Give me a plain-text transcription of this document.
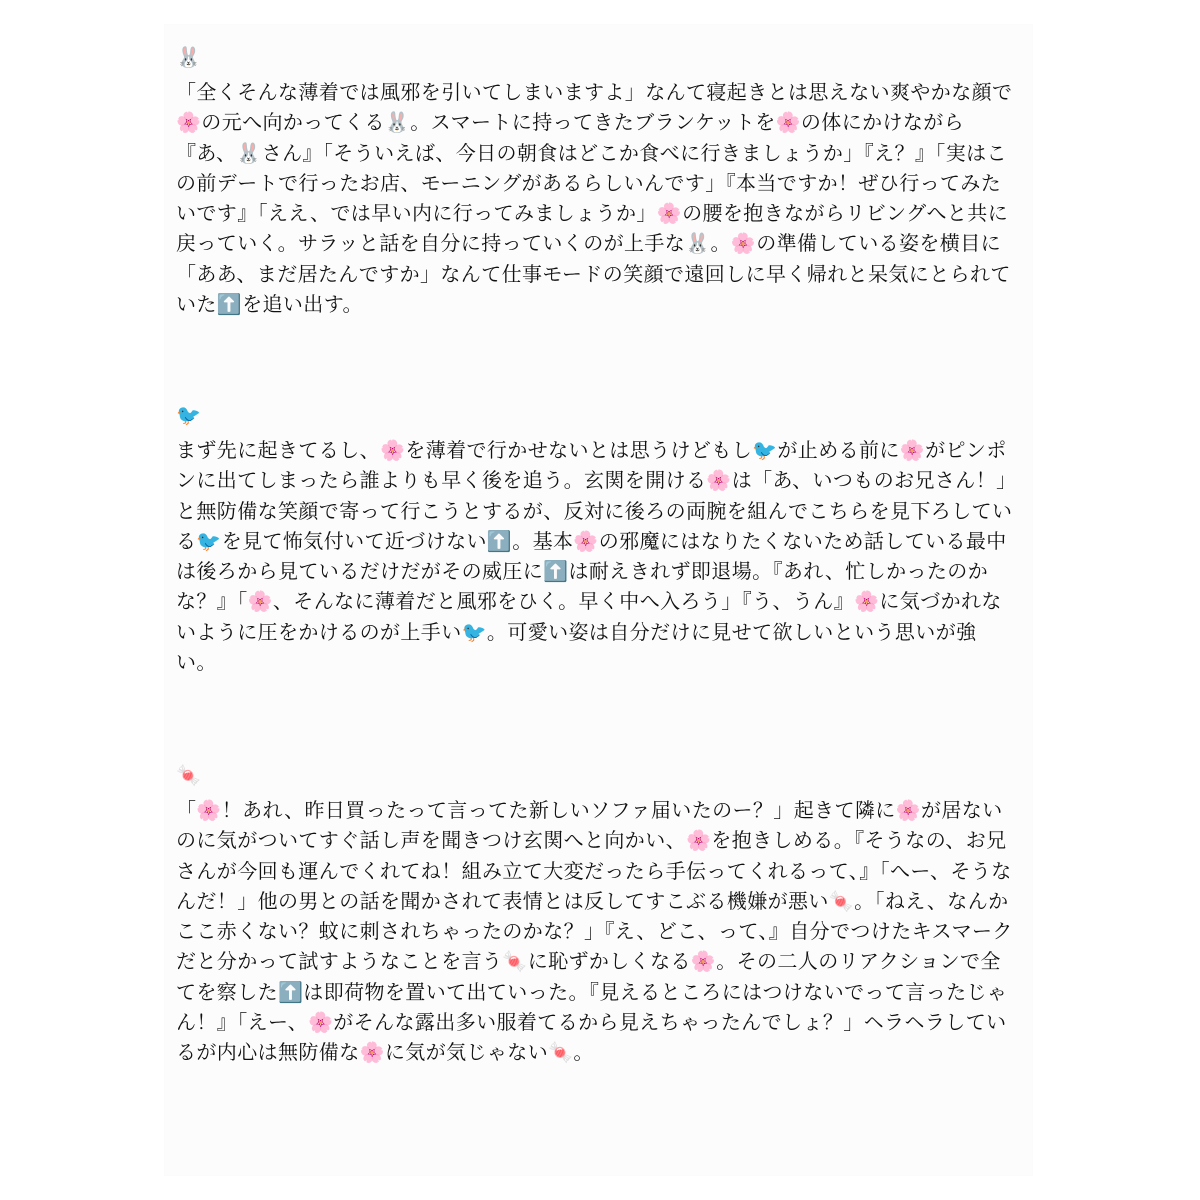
🐰

「全くそんな薄着では風邪を引いてしまいますよ」なんて寝起きとは思えない爽やかな顔で🌸の元へ向かってくる🐰。スマートに持ってきたブランケットを🌸の体にかけながら『あ、🐰さん』「そういえば、今日の朝食はどこか食べに行きましょうか」『え？』「実はこの前デートで行ったお店、モーニングがあるらしいんです」『本当ですか！ぜひ行ってみたいです』「ええ、では早い内に行ってみましょうか」🌸の腰を抱きながらリビングへと共に戻っていく。サラッと話を自分に持っていくのが上手な🐰。🌸の準備している姿を横目に「ああ、まだ居たんですか」なんて仕事モードの笑顔で遠回しに早く帰れと呆気にとられていた⬆️を追い出す。

🐦

まず先に起きてるし、🌸を薄着で行かせないとは思うけどもし🐦が止める前に🌸がピンポンに出てしまったら誰よりも早く後を追う。玄関を開ける🌸は「あ、いつものお兄さん！」と無防備な笑顔で寄って行こうとするが、反対に後ろの両腕を組んでこちらを見下ろしている🐦を見て怖気付いて近づけない⬆️。基本🌸の邪魔にはなりたくないため話している最中は後ろから見ているだけだがその威圧に⬆️は耐えきれず即退場。『あれ、忙しかったのかな？』「🌸、そんなに薄着だと風邪をひく。早く中へ入ろう」『う、うん』🌸に気づかれないように圧をかけるのが上手い🐦。可愛い姿は自分だけに見せて欲しいという思いが強い。

🍬

「🌸！あれ、昨日買ったって言ってた新しいソファ届いたのー？」起きて隣に🌸が居ないのに気がついてすぐ話し声を聞きつけ玄関へと向かい、🌸を抱きしめる。『そうなの、お兄さんが今回も運んでくれてね！組み立て大変だったら手伝ってくれるって、』「へー、そうなんだ！」他の男との話を聞かされて表情とは反してすこぶる機嫌が悪い🍬。「ねえ、なんかここ赤くない？蚊に刺されちゃったのかな？」『え、どこ、って、』自分でつけたキスマークだと分かって試すようなことを言う🍬に恥ずかしくなる🌸。その二人のリアクションで全てを察した⬆️は即荷物を置いて出ていった。『見えるところにはつけないでって言ったじゃん！』「えー、🌸がそんな露出多い服着てるから見えちゃったんでしょ？」ヘラヘラしているが内心は無防備な🌸に気が気じゃない🍬。
